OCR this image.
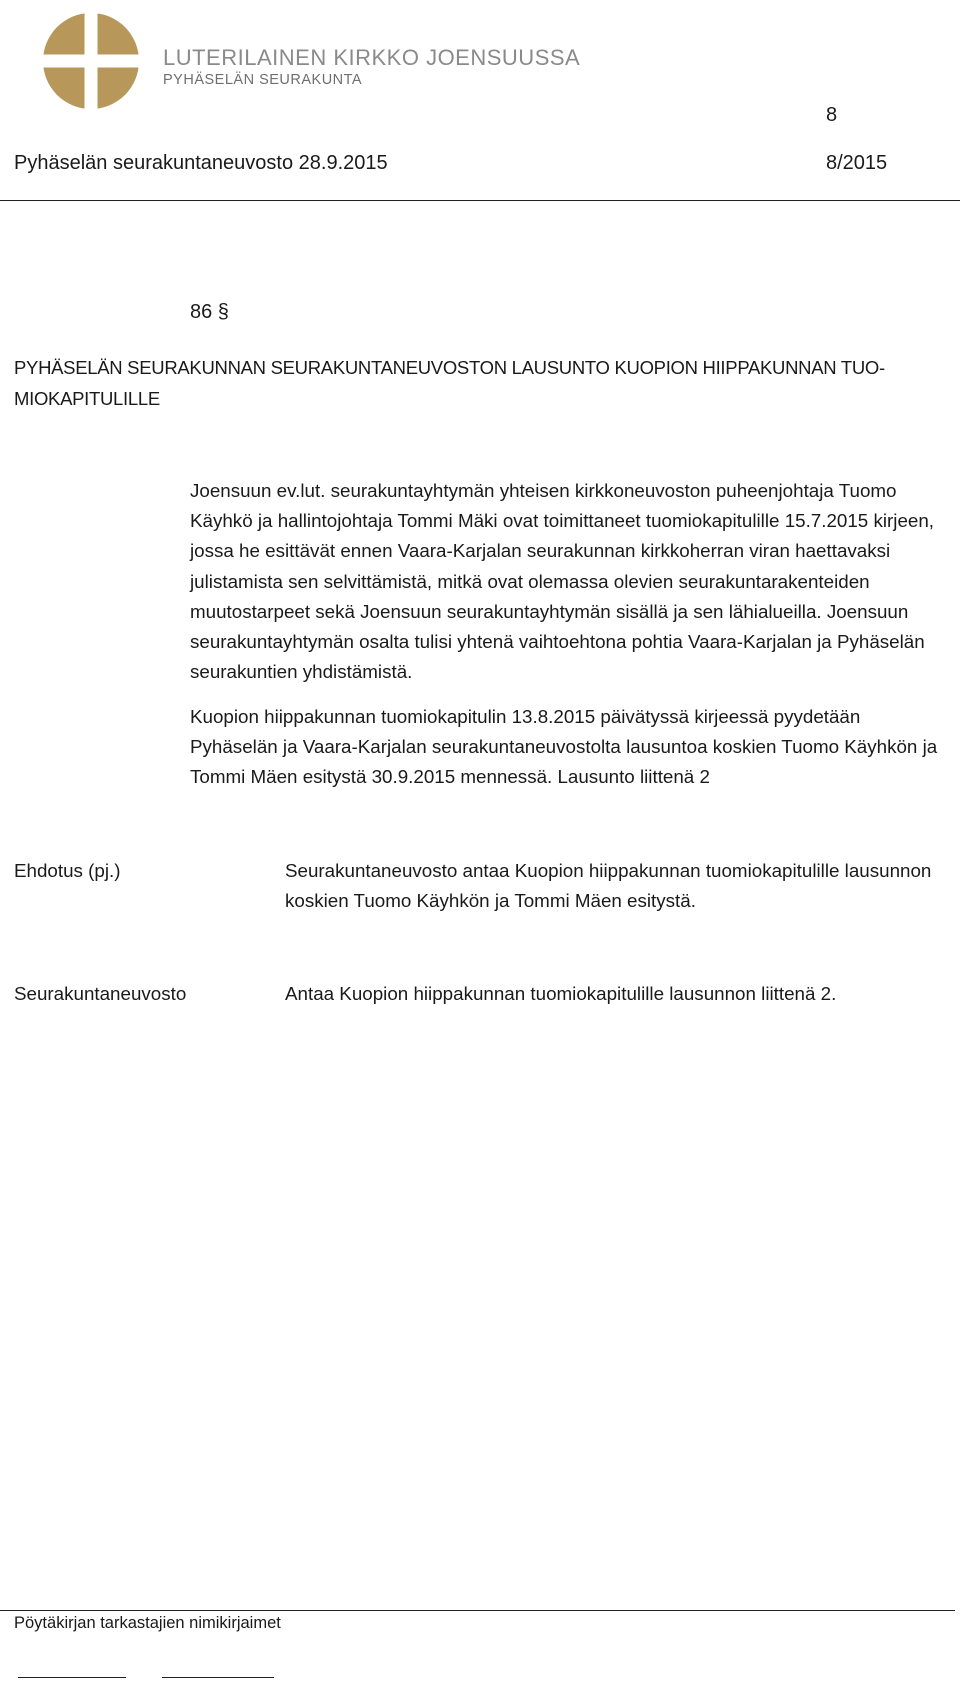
LUTERILAINEN KIRKKO JOENSUUSSA
PYHÄSELÄN SEURAKUNTA
8
Pyhäselän seurakuntaneuvosto 28.9.2015	8/2015
86 §
PYHÄSELÄN SEURAKUNNAN SEURAKUNTANEUVOSTON LAUSUNTO KUOPION HIIPPAKUNNAN TUO-MIOKAPITULILLE
Joensuun ev.lut. seurakuntayhtymän yhteisen kirkkoneuvoston puheenjohtaja Tuomo Käyhkö ja hallintojohtaja Tommi Mäki ovat toimittaneet tuomiokapitulille 15.7.2015 kirjeen, jossa he esittävät ennen Vaara-Karjalan seurakunnan kirkkoherran viran haettavaksi julistamista sen selvittämistä, mitkä ovat olemassa olevien seurakuntarakenteiden muutostarpeet sekä Joensuun seurakuntayhtymän sisällä ja sen lähialueilla. Joensuun seurakuntayhtymän osalta tulisi yhtenä vaihtoehtona pohtia Vaara-Karjalan ja Pyhäselän seurakuntien yhdistämistä.
Kuopion hiippakunnan tuomiokapitulin 13.8.2015 päivätyssä kirjeessä pyydetään Pyhäselän ja Vaara-Karjalan seurakuntaneuvostolta lausuntoa koskien Tuomo Käyhkön ja Tommi Mäen esitystä 30.9.2015 mennessä. Lausunto liittenä 2
Ehdotus (pj.)	Seurakuntaneuvosto antaa Kuopion hiippakunnan tuomiokapitulille lausunnon koskien Tuomo Käyhkön ja Tommi Mäen esitystä.
Seurakuntaneuvosto	Antaa Kuopion hiippakunnan tuomiokapitulille lausunnon liittenä 2.
Pöytäkirjan tarkastajien nimikirjaimet
